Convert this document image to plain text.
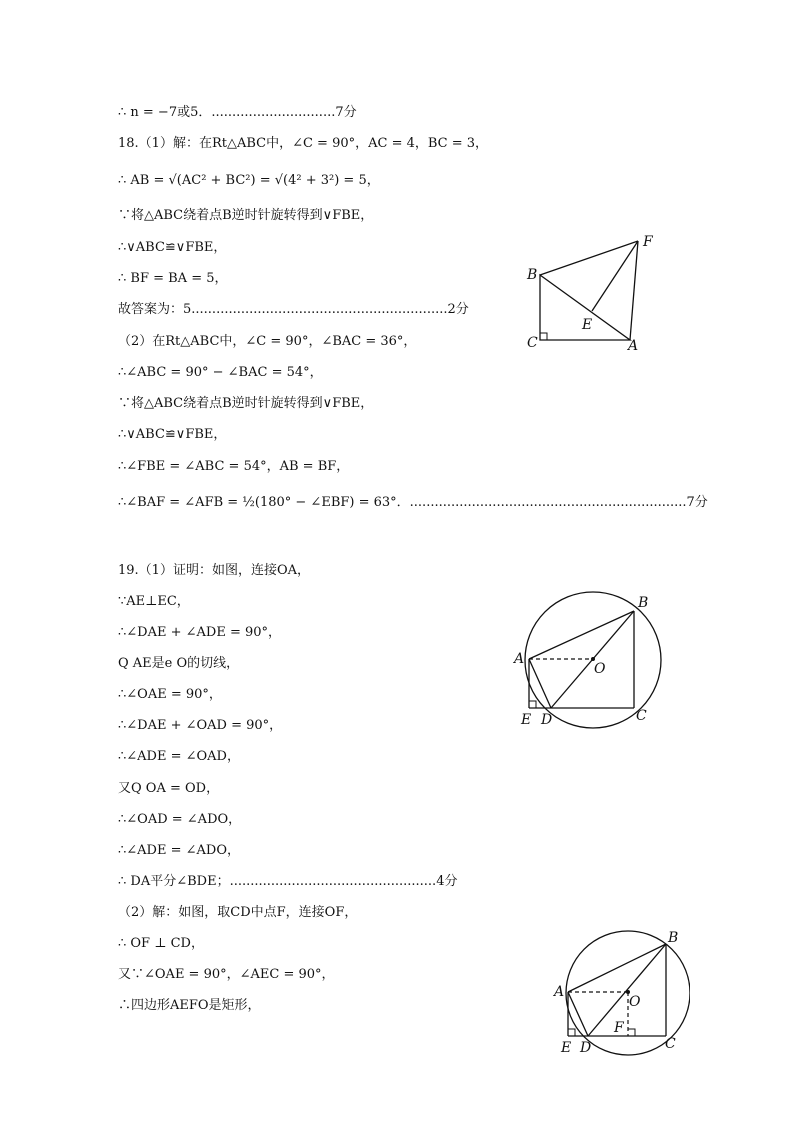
∴ n = −7或5．..............................7分
18.（1）解：在Rt△ABC中，∠C = 90°，AC = 4，BC = 3，
∴ AB = √(AC² + BC²) = √(4² + 3²) = 5，
∵将△ABC绕着点B逆时针旋转得到∨FBE，
∴∨ABC≌∨FBE，
∴ BF = BA = 5，
故答案为：5..............................................................2分
（2）在Rt△ABC中，∠C = 90°，∠BAC = 36°，
∴∠ABC = 90° − ∠BAC = 54°，
∵将△ABC绕着点B逆时针旋转得到∨FBE，
∴∨ABC≌∨FBE，
∴∠FBE = ∠ABC = 54°，AB = BF，
∴∠BAF = ∠AFB = ½(180° − ∠EBF) = 63°．...................................................................7分
19.（1）证明：如图，连接OA，
∵AE⊥EC，
∴∠DAE + ∠ADE = 90°，
Q AE是e O的切线，
∴∠OAE = 90°，
∴∠DAE + ∠OAD = 90°，
∴∠ADE = ∠OAD，
又Q OA = OD，
∴∠OAD = ∠ADO，
∴∠ADE = ∠ADO，
∴ DA平分∠BDE；..................................................4分
（2）解：如图，取CD中点F，连接OF，
∴ OF ⊥ CD，
又∵∠OAE = 90°，∠AEC = 90°，
∴四边形AEFO是矩形，
B
F
E
C	A
A
B
O
E D	C
A
B
O
F
E D	C
